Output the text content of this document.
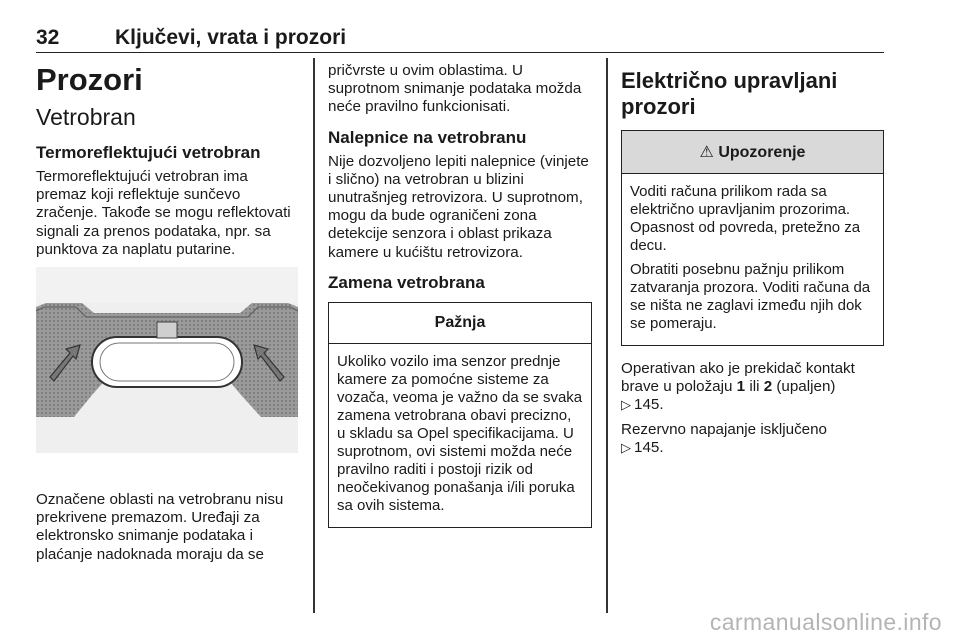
32	Ključevi, vrata i prozori
Prozori
Vetrobran
Termoreflektujući vetrobran

Termoreflektujući vetrobran ima premaz koji reflektuje sunčevo zračenje. Takođe se mogu reflektovati signali za prenos podataka, npr. sa punktova za naplatu putarine.

Označene oblasti na vetrobranu nisu prekrivene premazom. Uređaji za elektronsko snimanje podataka i plaćanje nadoknada moraju da se

pričvrste u ovim oblastima. U suprotnom snimanje podataka možda neće pravilno funkcionisati.

Nalepnice na vetrobranu

Nije dozvoljeno lepiti nalepnice (vinjete i slično) na vetrobran u blizini unutrašnjeg retrovizora. U suprotnom, mogu da bude ograničeni zona detekcije senzora i oblast prikaza kamere u kućištu retrovizora.

Zamena vetrobrana
Pažnja

Ukoliko vozilo ima senzor prednje kamere za pomoćne sisteme za vozača, veoma je važno da se svaka zamena vetrobrana obavi precizno, u skladu sa Opel specifikacijama. U suprotnom, ovi sistemi možda neće pravilno raditi i postoji rizik od neočekivanog ponašanja i/ili poruka sa ovih sistema.

Električno upravljani prozori
⚠ Upozorenje

Voditi računa prilikom rada sa električno upravljanim prozorima. Opasnost od povreda, pretežno za decu.

Obratiti posebnu pažnju prilikom zatvaranja prozora. Voditi računa da se ništa ne zaglavi između njih dok se pomeraju.

Operativan ako je prekidač kontakt brave u položaju 1 ili 2 (upaljen)
▷ 145.

Rezervno napajanje isključeno
▷ 145.

carmanualsonline.info
